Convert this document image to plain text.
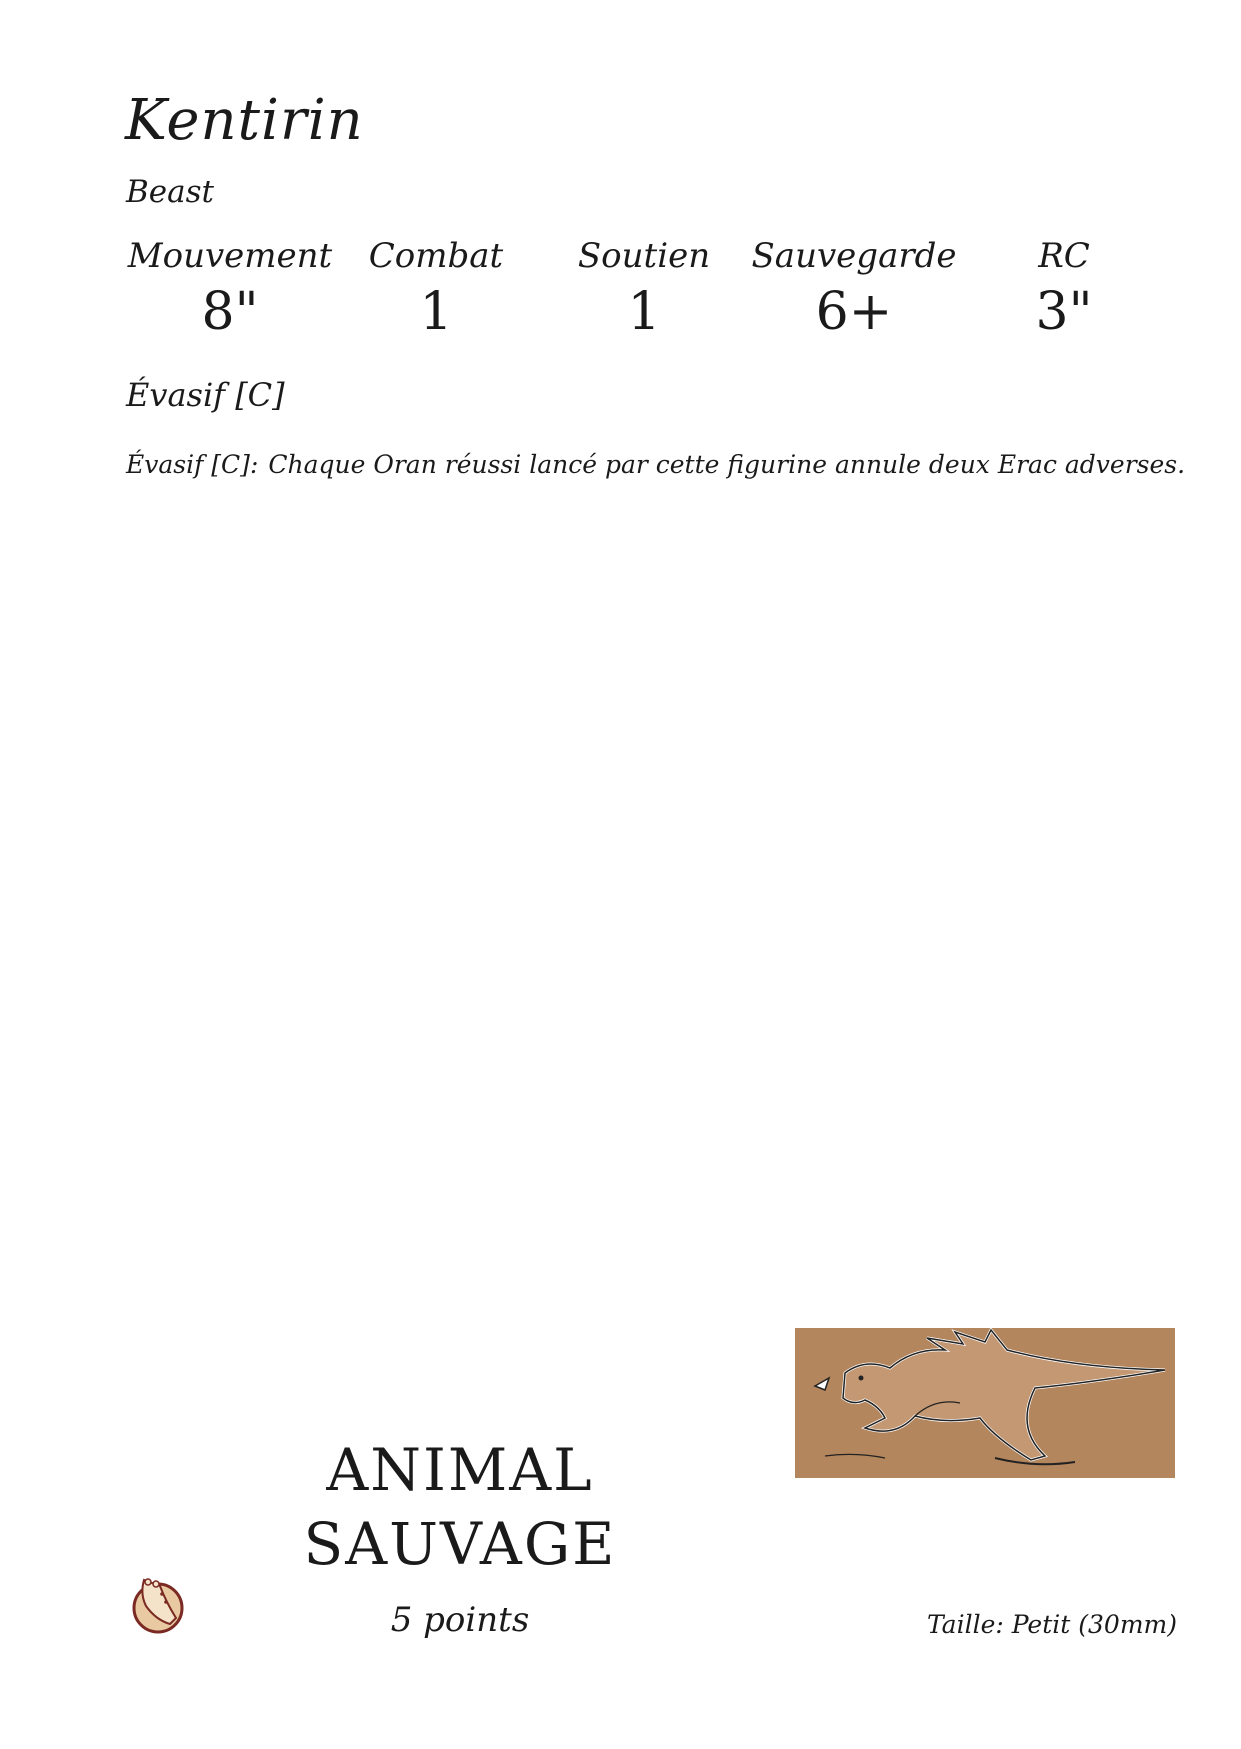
Kentirin
Beast
Mouvement
8"
Combat
1
Soutien
1
Sauvegarde
6+
RC
3"
Évasif [C]
Évasif [C]: Chaque Oran réussi lancé par cette figurine annule deux Erac adverses.
ANIMAL
SAUVAGE
5 points	Taille: Petit (30mm)
